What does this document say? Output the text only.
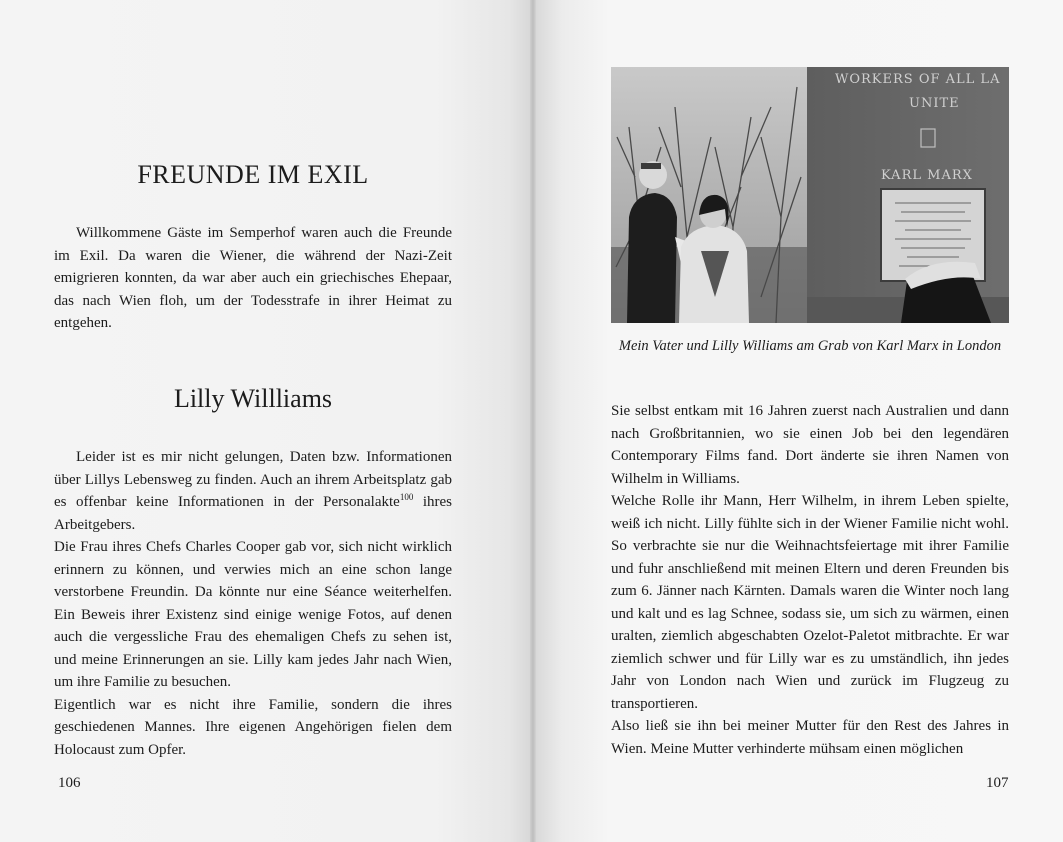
FREUNDE IM EXIL

Willkommene Gäste im Semperhof waren auch die Freunde im Exil. Da waren die Wiener, die während der Nazi-Zeit emigrieren konnten, da war aber auch ein griechisches Ehepaar, das nach Wien floh, um der Todesstrafe in ihrer Heimat zu entgehen.

Lilly Willliams

Leider ist es mir nicht gelungen, Daten bzw. Informationen über Lillys Lebensweg zu finden. Auch an ihrem Arbeitsplatz gab es offenbar keine Informationen in der Personalakte$^{100}$ ihres Arbeitgebers.

Die Frau ihres Chefs Charles Cooper gab vor, sich nicht wirklich erinnern zu können, und verwies mich an eine schon lange verstorbene Freundin. Da könnte nur eine Séance weiterhelfen. Ein Beweis ihrer Existenz sind einige wenige Fotos, auf denen auch die vergessliche Frau des ehemaligen Chefs zu sehen ist, und meine Erinnerungen an sie. Lilly kam jedes Jahr nach Wien, um ihre Familie zu besuchen.

Eigentlich war es nicht ihre Familie, sondern die ihres geschiedenen Mannes. Ihre eigenen Angehörigen fielen dem Holocaust zum Opfer.

106
WORKERS OF ALL LA
UNITE
KARL MARX

Mein Vater und Lilly Williams am Grab von Karl Marx in London

Sie selbst entkam mit 16 Jahren zuerst nach Australien und dann nach Großbritannien, wo sie einen Job bei den legendären Contemporary Films fand. Dort änderte sie ihren Namen von Wilhelm in Williams.

Welche Rolle ihr Mann, Herr Wilhelm, in ihrem Leben spielte, weiß ich nicht. Lilly fühlte sich in der Wiener Familie nicht wohl. So verbrachte sie nur die Weihnachtsfeiertage mit ihrer Familie und fuhr anschließend mit meinen Eltern und deren Freunden bis zum 6. Jänner nach Kärnten. Damals waren die Winter noch lang und kalt und es lag Schnee, sodass sie, um sich zu wärmen, einen uralten, ziemlich abgeschabten Ozelot-Paletot mitbrachte. Er war ziemlich schwer und für Lilly war es zu umständlich, ihn jedes Jahr von London nach Wien und zurück im Flugzeug zu transportieren.

Also ließ sie ihn bei meiner Mutter für den Rest des Jahres in Wien. Meine Mutter verhinderte mühsam einen möglichen

107
